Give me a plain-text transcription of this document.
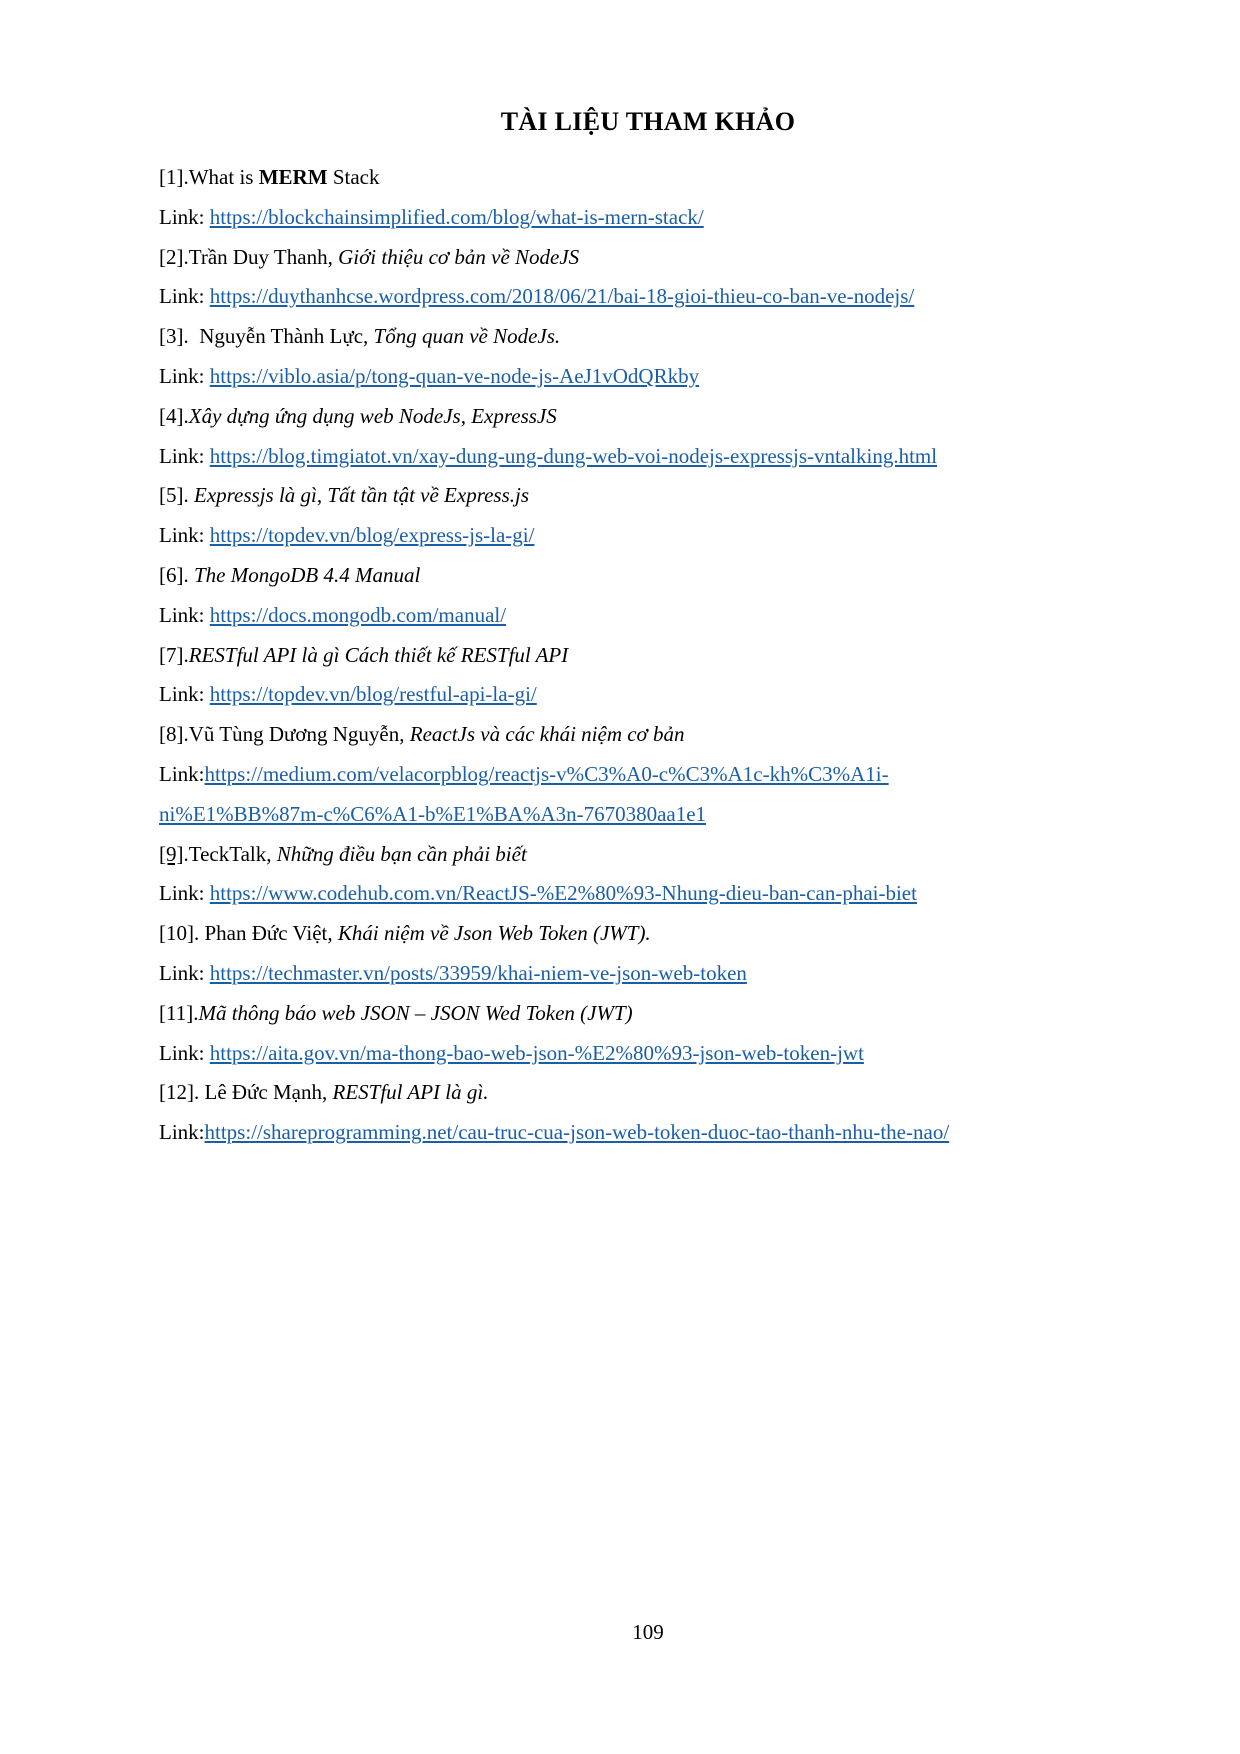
TÀI LIỆU THAM KHẢO

[1].What is MERM Stack

Link: https://blockchainsimplified.com/blog/what-is-mern-stack/

[2].Trần Duy Thanh, Giới thiệu cơ bản về NodeJS

Link: https://duythanhcse.wordpress.com/2018/06/21/bai-18-gioi-thieu-co-ban-ve-nodejs/

[3].  Nguyễn Thành Lực, Tổng quan về NodeJs.

Link: https://viblo.asia/p/tong-quan-ve-node-js-AeJ1vOdQRkby

[4].Xây dựng ứng dụng web NodeJs, ExpressJS

Link: https://blog.timgiatot.vn/xay-dung-ung-dung-web-voi-nodejs-expressjs-vntalking.html

[5]. Expressjs là gì, Tất tần tật về Express.js

Link: https://topdev.vn/blog/express-js-la-gi/

[6]. The MongoDB 4.4 Manual

Link: https://docs.mongodb.com/manual/

[7].RESTful API là gì Cách thiết kế RESTful API

Link: https://topdev.vn/blog/restful-api-la-gi/

[8].Vũ Tùng Dương Nguyễn, ReactJs và các khái niệm cơ bản

Link:https://medium.com/velacorpblog/reactjs-v%C3%A0-c%C3%A1c-kh%C3%A1i-

ni%E1%BB%87m-c%C6%A1-b%E1%BA%A3n-7670380aa1e1

[9].TeckTalk, Những điều bạn cần phải biết

Link: https://www.codehub.com.vn/ReactJS-%E2%80%93-Nhung-dieu-ban-can-phai-biet

[10]. Phan Đức Việt, Khái niệm về Json Web Token (JWT).

Link: https://techmaster.vn/posts/33959/khai-niem-ve-json-web-token

[11].Mã thông báo web JSON – JSON Wed Token (JWT)

Link: https://aita.gov.vn/ma-thong-bao-web-json-%E2%80%93-json-web-token-jwt

[12]. Lê Đức Mạnh, RESTful API là gì.

Link:https://shareprogramming.net/cau-truc-cua-json-web-token-duoc-tao-thanh-nhu-the-nao/

109
